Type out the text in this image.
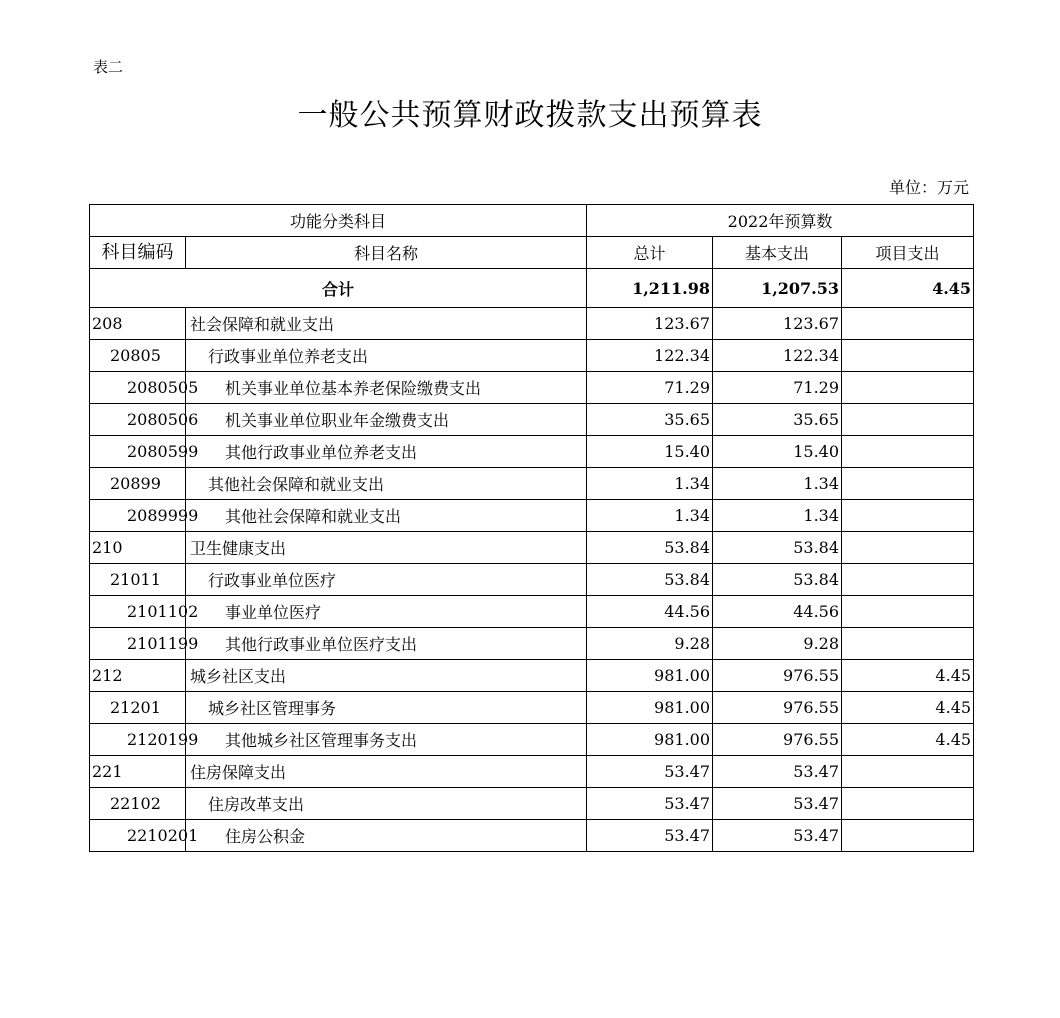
表二
一般公共预算财政拨款支出预算表
单位：万元
功能分类科目		2022年预算数		
科目编码	科目名称	总计	基本支出	项目支出
合计		1,211.98	1,207.53	4.45
208	社会保障和就业支出	123.67	123.67	
20805	行政事业单位养老支出	122.34	122.34	
2080505	机关事业单位基本养老保险缴费支出	71.29	71.29	
2080506	机关事业单位职业年金缴费支出	35.65	35.65	
2080599	其他行政事业单位养老支出	15.40	15.40	
20899	其他社会保障和就业支出	1.34	1.34	
2089999	其他社会保障和就业支出	1.34	1.34	
210	卫生健康支出	53.84	53.84	
21011	行政事业单位医疗	53.84	53.84	
2101102	事业单位医疗	44.56	44.56	
2101199	其他行政事业单位医疗支出	9.28	9.28	
212	城乡社区支出	981.00	976.55	4.45
21201	城乡社区管理事务	981.00	976.55	4.45
2120199	其他城乡社区管理事务支出	981.00	976.55	4.45
221	住房保障支出	53.47	53.47	
22102	住房改革支出	53.47	53.47	
2210201	住房公积金	53.47	53.47	
